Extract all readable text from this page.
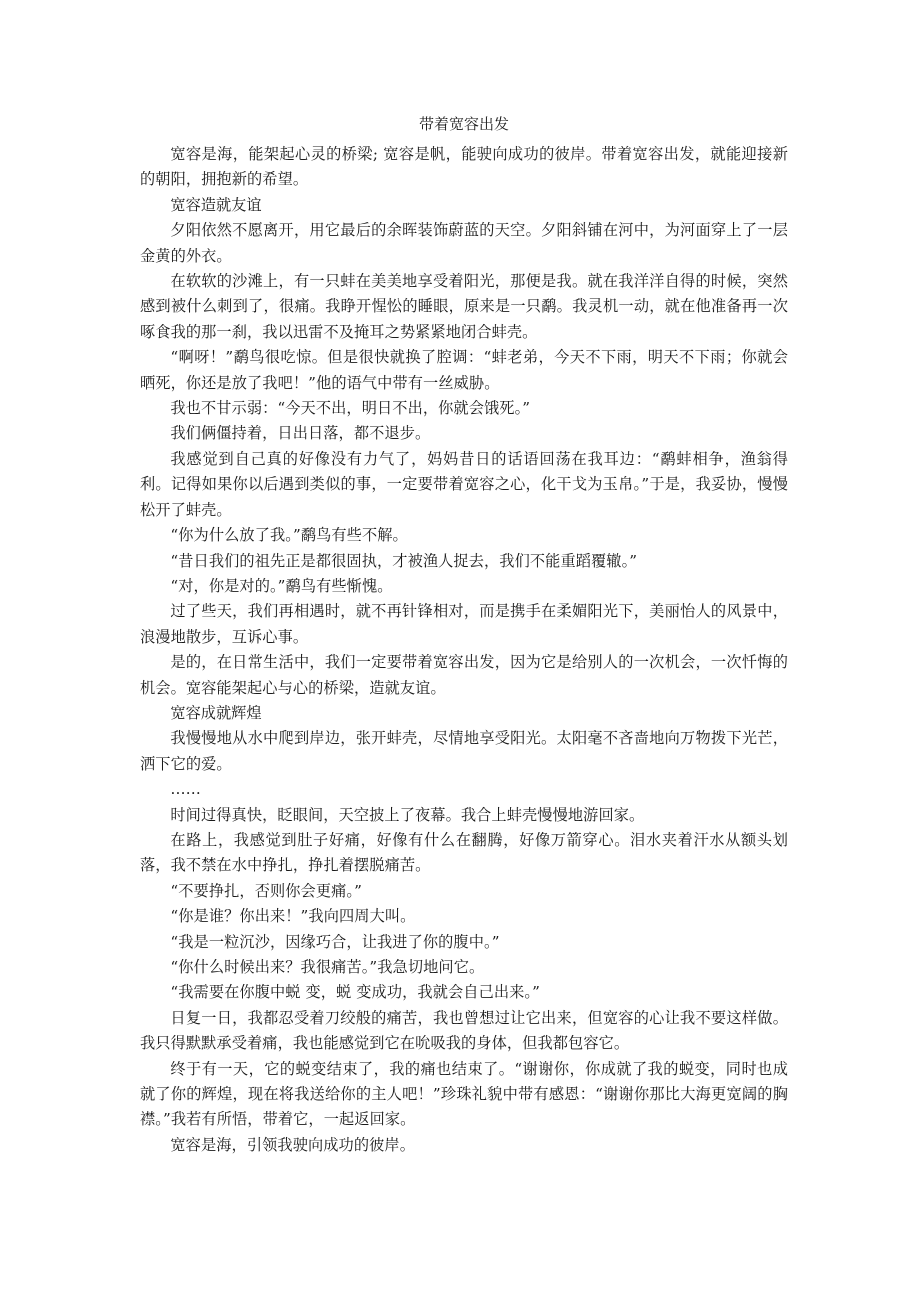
带着宽容出发

宽容是海，能架起心灵的桥梁; 宽容是帆，能驶向成功的彼岸。带着宽容出发，就能迎接新的朝阳，拥抱新的希望。

宽容造就友谊

夕阳依然不愿离开，用它最后的余晖装饰蔚蓝的天空。夕阳斜铺在河中，为河面穿上了一层金黄的外衣。

在软软的沙滩上，有一只蚌在美美地享受着阳光，那便是我。就在我洋洋自得的时候，突然感到被什么刺到了，很痛。我睁开惺忪的睡眼，原来是一只鹬。我灵机一动，就在他准备再一次啄食我的那一刹，我以迅雷不及掩耳之势紧紧地闭合蚌壳。

“啊呀！”鹬鸟很吃惊。但是很快就换了腔调：“蚌老弟，今天不下雨，明天不下雨；你就会晒死，你还是放了我吧！”他的语气中带有一丝威胁。

我也不甘示弱：“今天不出，明日不出，你就会饿死。”

我们俩僵持着，日出日落，都不退步。

我感觉到自己真的好像没有力气了，妈妈昔日的话语回荡在我耳边：“鹬蚌相争，渔翁得利。记得如果你以后遇到类似的事，一定要带着宽容之心，化干戈为玉帛。”于是，我妥协，慢慢松开了蚌壳。

“你为什么放了我。”鹬鸟有些不解。

“昔日我们的祖先正是都很固执，才被渔人捉去，我们不能重蹈覆辙。”

“对，你是对的。”鹬鸟有些惭愧。

过了些天，我们再相遇时，就不再针锋相对，而是携手在柔媚阳光下，美丽怡人的风景中，浪漫地散步，互诉心事。

是的，在日常生活中，我们一定要带着宽容出发，因为它是给别人的一次机会，一次忏悔的机会。宽容能架起心与心的桥梁，造就友谊。

宽容成就辉煌

我慢慢地从水中爬到岸边，张开蚌壳，尽情地享受阳光。太阳毫不吝啬地向万物拨下光芒，洒下它的爱。

……

时间过得真快，眨眼间，天空披上了夜幕。我合上蚌壳慢慢地游回家。

在路上，我感觉到肚子好痛，好像有什么在翻腾，好像万箭穿心。泪水夹着汗水从额头划落，我不禁在水中挣扎，挣扎着摆脱痛苦。

“不要挣扎，否则你会更痛。”

“你是谁？你出来！”我向四周大叫。

“我是一粒沉沙，因缘巧合，让我进了你的腹中。”

“你什么时候出来？我很痛苦。”我急切地问它。

“我需要在你腹中蜕 变，蜕 变成功，我就会自己出来。”

日复一日，我都忍受着刀绞般的痛苦，我也曾想过让它出来，但宽容的心让我不要这样做。我只得默默承受着痛，我也能感觉到它在吮吸我的身体，但我都包容它。

终于有一天，它的蜕变结束了，我的痛也结束了。“谢谢你，你成就了我的蜕变，同时也成就了你的辉煌，现在将我送给你的主人吧！”珍珠礼貌中带有感恩：“谢谢你那比大海更宽阔的胸襟。”我若有所悟，带着它，一起返回家。

宽容是海，引领我驶向成功的彼岸。
